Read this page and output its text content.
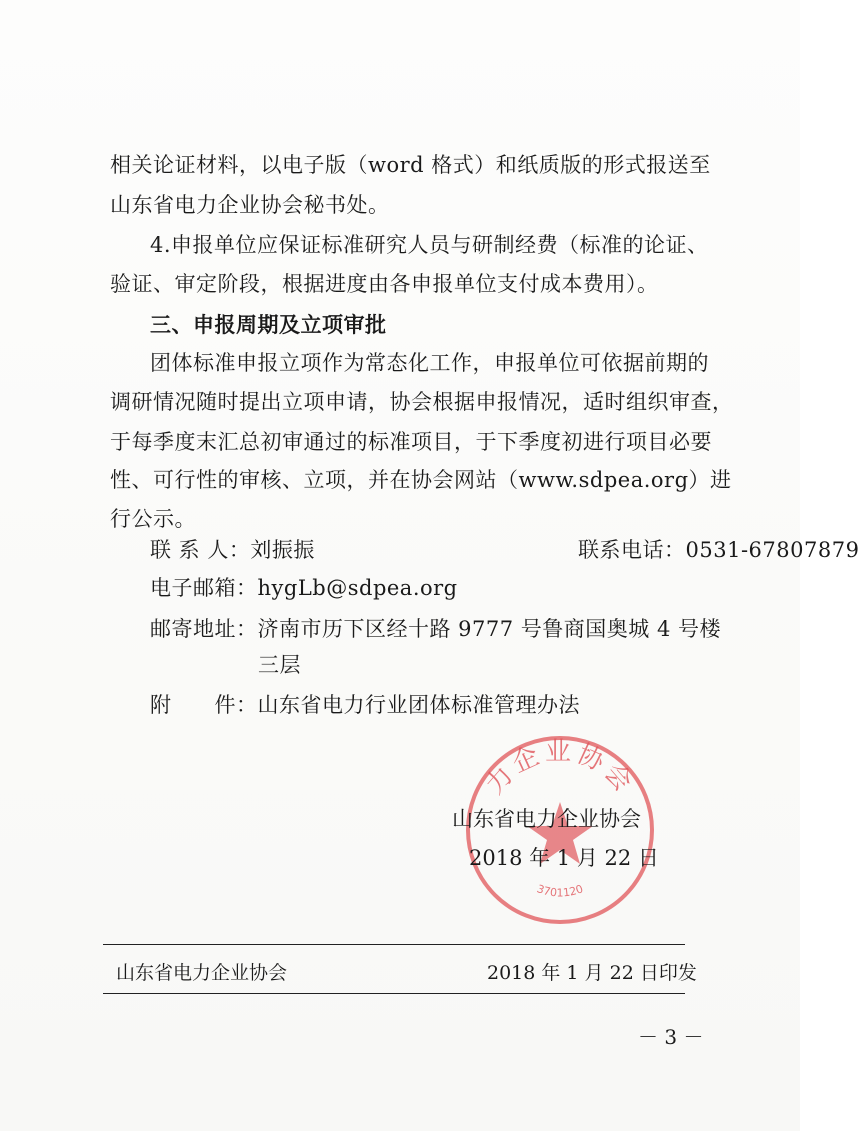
相关论证材料，以电子版（word 格式）和纸质版的形式报送至
山东省电力企业协会秘书处。
4.申报单位应保证标准研究人员与研制经费（标准的论证、
验证、审定阶段，根据进度由各申报单位支付成本费用）。
三、申报周期及立项审批
团体标准申报立项作为常态化工作，申报单位可依据前期的
调研情况随时提出立项申请，协会根据申报情况，适时组织审查，
于每季度末汇总初审通过的标准项目，于下季度初进行项目必要
性、可行性的审核、立项，并在协会网站（www.sdpea.org）进
行公示。
联 系 人：刘振振	联系电话：0531-67807879
电子邮箱：hygLb@sdpea.org
邮寄地址：济南市历下区经十路 9777 号鲁商国奥城 4 号楼
三层
附　　件：山东省电力行业团体标准管理办法
力企业协会
3701120
山东省电力企业协会
2018 年 1 月 22 日
山东省电力企业协会	2018 年 1 月 22 日印发
－ 3 －
